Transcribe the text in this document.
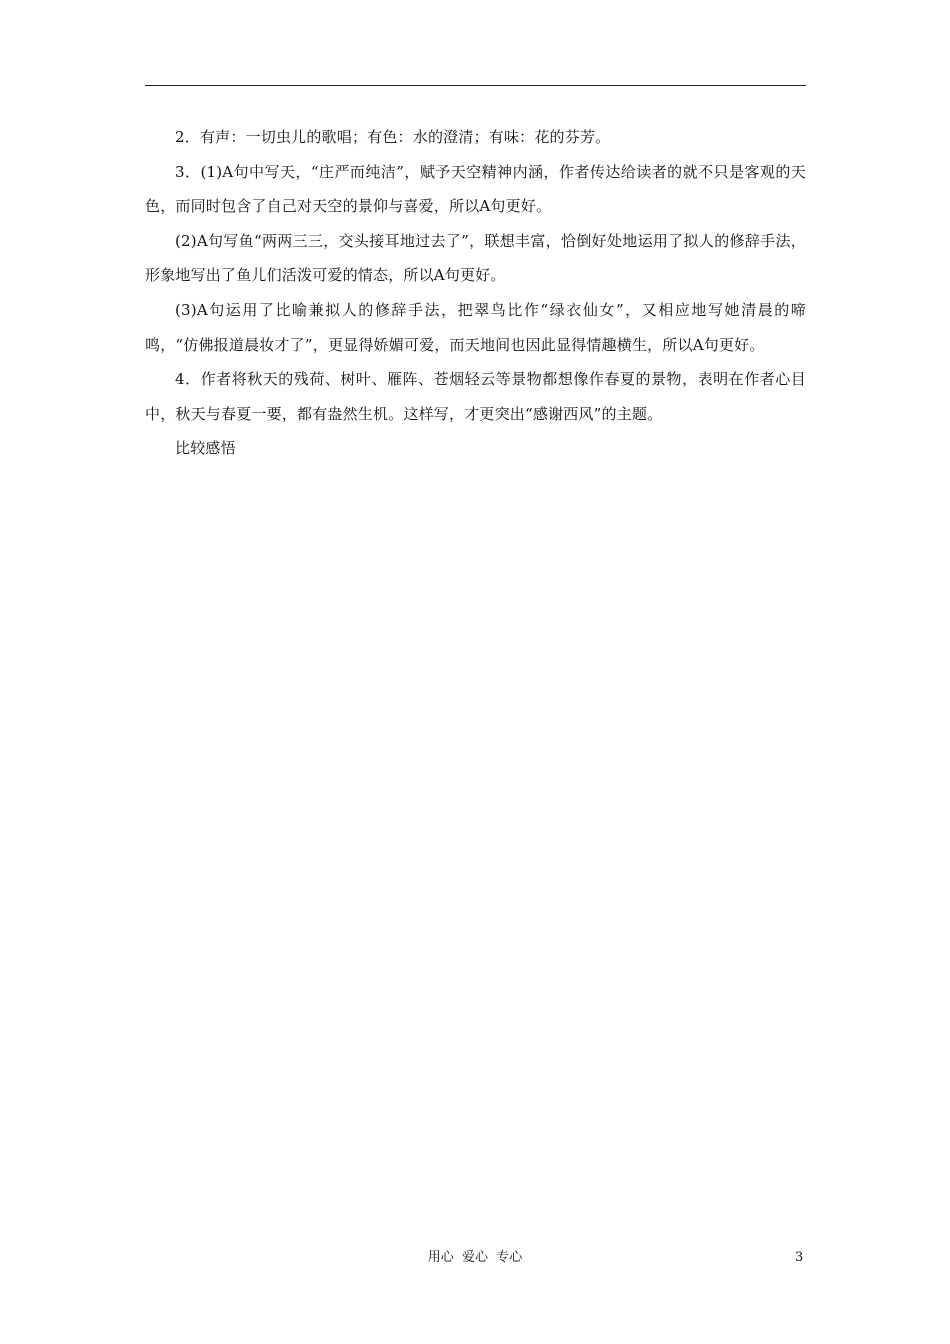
2．有声：一切虫儿的歌唱；有色：水的澄清；有味：花的芬芳。

3．(1)A句中写天，“庄严而纯洁”，赋予天空精神内涵，作者传达给读者的就不只是客观的天色，而同时包含了自己对天空的景仰与喜爱，所以A句更好。

(2)A句写鱼“两两三三，交头接耳地过去了”，联想丰富，恰倒好处地运用了拟人的修辞手法，形象地写出了鱼儿们活泼可爱的情态，所以A句更好。

(3)A句运用了比喻兼拟人的修辞手法，把翠鸟比作“绿衣仙女”，又相应地写她清晨的啼鸣，“仿佛报道晨妆才了”，更显得娇媚可爱，而天地间也因此显得情趣横生，所以A句更好。

4．作者将秋天的残荷、树叶、雁阵、苍烟轻云等景物都想像作春夏的景物，表明在作者心目中，秋天与春夏一要，都有盎然生机。这样写，才更突出“感谢西风”的主题。

比较感悟

用心  爱心  专心	3
